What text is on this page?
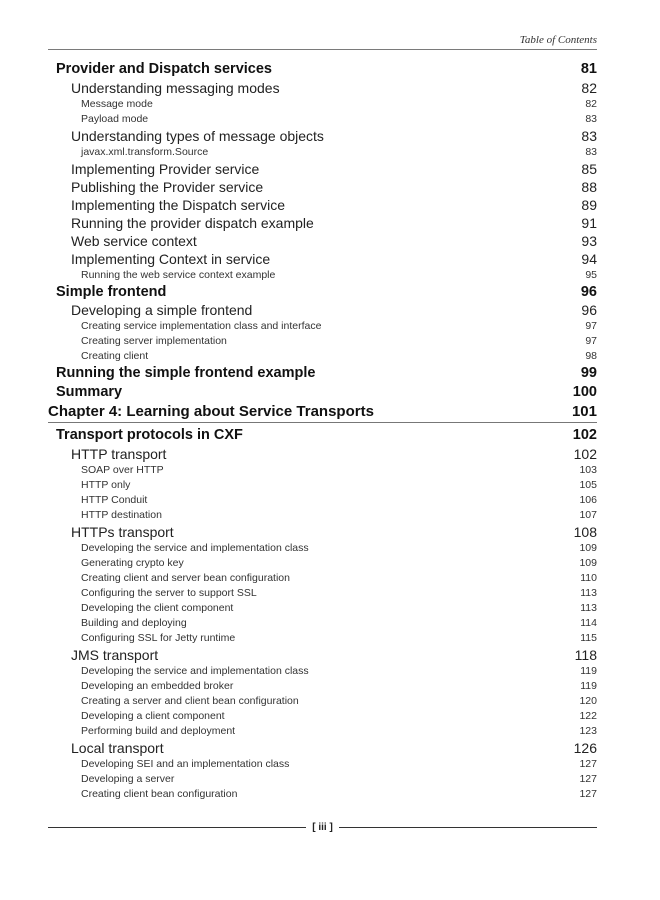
Table of Contents
Provider and Dispatch services	81
Understanding messaging modes	82
Message mode	82
Payload mode	83
Understanding types of message objects	83
javax.xml.transform.Source	83
Implementing Provider service	85
Publishing the Provider service	88
Implementing the Dispatch service	89
Running the provider dispatch example	91
Web service context	93
Implementing Context in service	94
Running the web service context example	95
Simple frontend	96
Developing a simple frontend	96
Creating service implementation class and interface	97
Creating server implementation	97
Creating client	98
Running the simple frontend example	99
Summary	100
Chapter 4: Learning about Service Transports	101
Transport protocols in CXF	102
HTTP transport	102
SOAP over HTTP	103
HTTP only	105
HTTP Conduit	106
HTTP destination	107
HTTPs transport	108
Developing the service and implementation class	109
Generating crypto key	109
Creating client and server bean configuration	110
Configuring the server to support SSL	113
Developing the client component	113
Building and deploying	114
Configuring SSL for Jetty runtime	115
JMS transport	118
Developing the service and implementation class	119
Developing an embedded broker	119
Creating a server and client bean configuration	120
Developing a client component	122
Performing build and deployment	123
Local transport	126
Developing SEI and an implementation class	127
Developing a server	127
Creating client bean configuration	127
[ iii ]
